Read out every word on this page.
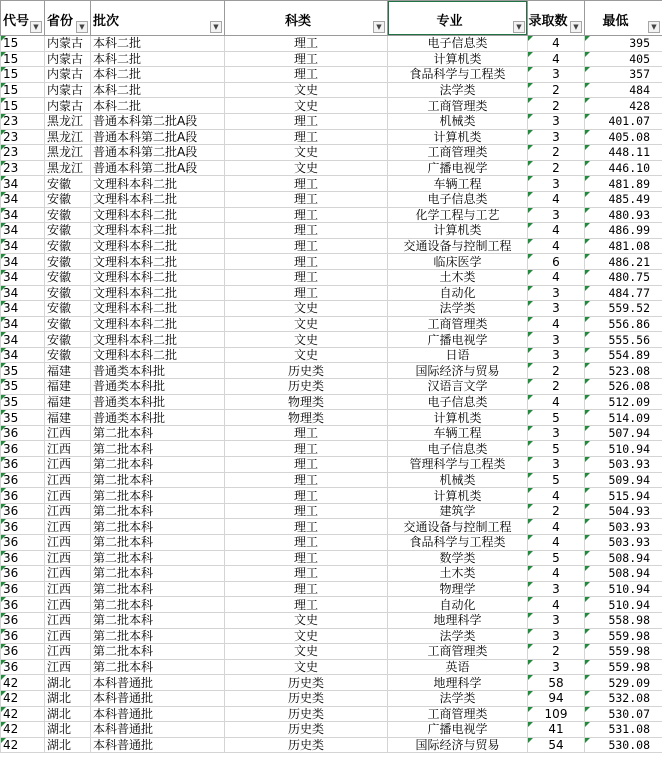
代号 ▼	省份 ▼	批次 ▼	科类 ▼	专业 ▼	录取数 ▼	最低 ▼

15	内蒙古	本科二批	理工	电子信息类	4	395
15	内蒙古	本科二批	理工	计算机类	4	405
15	内蒙古	本科二批	理工	食品科学与工程类	3	357
15	内蒙古	本科二批	文史	法学类	2	484
15	内蒙古	本科二批	文史	工商管理类	2	428
23	黑龙江	普通本科第二批A段	理工	机械类	3	401.07
23	黑龙江	普通本科第二批A段	理工	计算机类	3	405.08
23	黑龙江	普通本科第二批A段	文史	工商管理类	2	448.11
23	黑龙江	普通本科第二批A段	文史	广播电视学	2	446.10
34	安徽	文理科本科二批	理工	车辆工程	3	481.89
34	安徽	文理科本科二批	理工	电子信息类	4	485.49
34	安徽	文理科本科二批	理工	化学工程与工艺	3	480.93
34	安徽	文理科本科二批	理工	计算机类	4	486.99
34	安徽	文理科本科二批	理工	交通设备与控制工程	4	481.08
34	安徽	文理科本科二批	理工	临床医学	6	486.21
34	安徽	文理科本科二批	理工	土木类	4	480.75
34	安徽	文理科本科二批	理工	自动化	3	484.77
34	安徽	文理科本科二批	文史	法学类	3	559.52
34	安徽	文理科本科二批	文史	工商管理类	4	556.86
34	安徽	文理科本科二批	文史	广播电视学	3	555.56
34	安徽	文理科本科二批	文史	日语	3	554.89
35	福建	普通类本科批	历史类	国际经济与贸易	2	523.08
35	福建	普通类本科批	历史类	汉语言文学	2	526.08
35	福建	普通类本科批	物理类	电子信息类	4	512.09
35	福建	普通类本科批	物理类	计算机类	5	514.09
36	江西	第二批本科	理工	车辆工程	3	507.94
36	江西	第二批本科	理工	电子信息类	5	510.94
36	江西	第二批本科	理工	管理科学与工程类	3	503.93
36	江西	第二批本科	理工	机械类	5	509.94
36	江西	第二批本科	理工	计算机类	4	515.94
36	江西	第二批本科	理工	建筑学	2	504.93
36	江西	第二批本科	理工	交通设备与控制工程	4	503.93
36	江西	第二批本科	理工	食品科学与工程类	4	503.93
36	江西	第二批本科	理工	数学类	5	508.94
36	江西	第二批本科	理工	土木类	4	508.94
36	江西	第二批本科	理工	物理学	3	510.94
36	江西	第二批本科	理工	自动化	4	510.94
36	江西	第二批本科	文史	地理科学	3	558.98
36	江西	第二批本科	文史	法学类	3	559.98
36	江西	第二批本科	文史	工商管理类	2	559.98
36	江西	第二批本科	文史	英语	3	559.98
42	湖北	本科普通批	历史类	地理科学	58	529.09
42	湖北	本科普通批	历史类	法学类	94	532.08
42	湖北	本科普通批	历史类	工商管理类	109	530.07
42	湖北	本科普通批	历史类	广播电视学	41	531.08
42	湖北	本科普通批	历史类	国际经济与贸易	54	530.08
